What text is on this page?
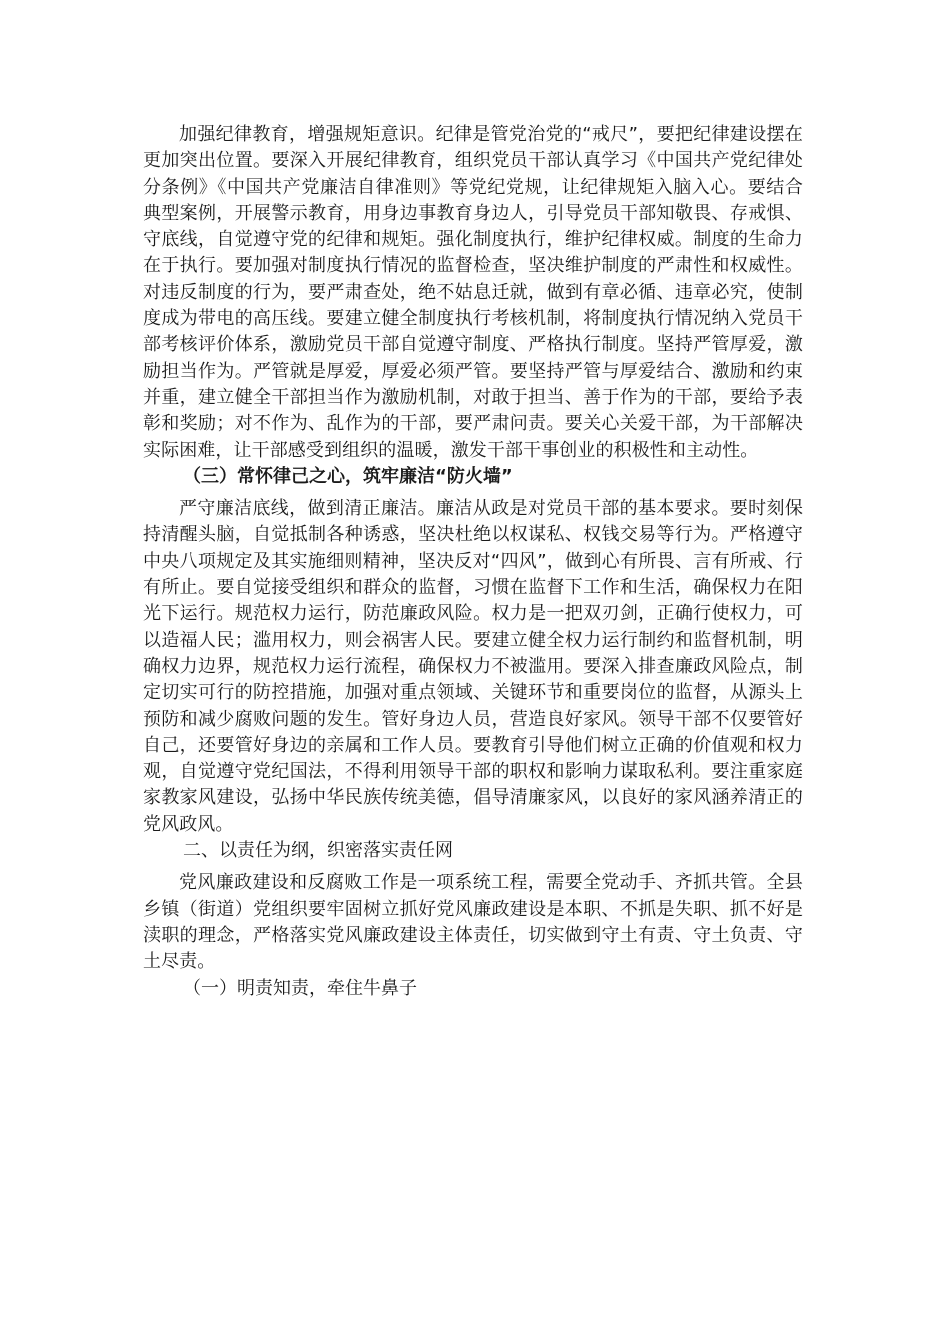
加强纪律教育，增强规矩意识。纪律是管党治党的“戒尺”，要把纪律建设摆在更加突出位置。要深入开展纪律教育，组织党员干部认真学习《中国共产党纪律处分条例》《中国共产党廉洁自律准则》等党纪党规，让纪律规矩入脑入心。要结合典型案例，开展警示教育，用身边事教育身边人，引导党员干部知敬畏、存戒惧、守底线，自觉遵守党的纪律和规矩。强化制度执行，维护纪律权威。制度的生命力在于执行。要加强对制度执行情况的监督检查，坚决维护制度的严肃性和权威性。对违反制度的行为，要严肃查处，绝不姑息迁就，做到有章必循、违章必究，使制度成为带电的高压线。要建立健全制度执行考核机制，将制度执行情况纳入党员干部考核评价体系，激励党员干部自觉遵守制度、严格执行制度。坚持严管厚爱，激励担当作为。严管就是厚爱，厚爱必须严管。要坚持严管与厚爱结合、激励和约束并重，建立健全干部担当作为激励机制，对敢于担当、善于作为的干部，要给予表彰和奖励；对不作为、乱作为的干部，要严肃问责。要关心关爱干部，为干部解决实际困难，让干部感受到组织的温暖，激发干部干事创业的积极性和主动性。

（三）常怀律己之心，筑牢廉洁“防火墙”

严守廉洁底线，做到清正廉洁。廉洁从政是对党员干部的基本要求。要时刻保持清醒头脑，自觉抵制各种诱惑，坚决杜绝以权谋私、权钱交易等行为。严格遵守中央八项规定及其实施细则精神，坚决反对“四风”，做到心有所畏、言有所戒、行有所止。要自觉接受组织和群众的监督，习惯在监督下工作和生活，确保权力在阳光下运行。规范权力运行，防范廉政风险。权力是一把双刃剑，正确行使权力，可以造福人民；滥用权力，则会祸害人民。要建立健全权力运行制约和监督机制，明确权力边界，规范权力运行流程，确保权力不被滥用。要深入排查廉政风险点，制定切实可行的防控措施，加强对重点领域、关键环节和重要岗位的监督，从源头上预防和减少腐败问题的发生。管好身边人员，营造良好家风。领导干部不仅要管好自己，还要管好身边的亲属和工作人员。要教育引导他们树立正确的价值观和权力观，自觉遵守党纪国法，不得利用领导干部的职权和影响力谋取私利。要注重家庭家教家风建设，弘扬中华民族传统美德，倡导清廉家风，以良好的家风涵养清正的党风政风。

二、以责任为纲，织密落实责任网

党风廉政建设和反腐败工作是一项系统工程，需要全党动手、齐抓共管。全县乡镇（街道）党组织要牢固树立抓好党风廉政建设是本职、不抓是失职、抓不好是渎职的理念，严格落实党风廉政建设主体责任，切实做到守土有责、守土负责、守土尽责。

（一）明责知责，牵住牛鼻子
